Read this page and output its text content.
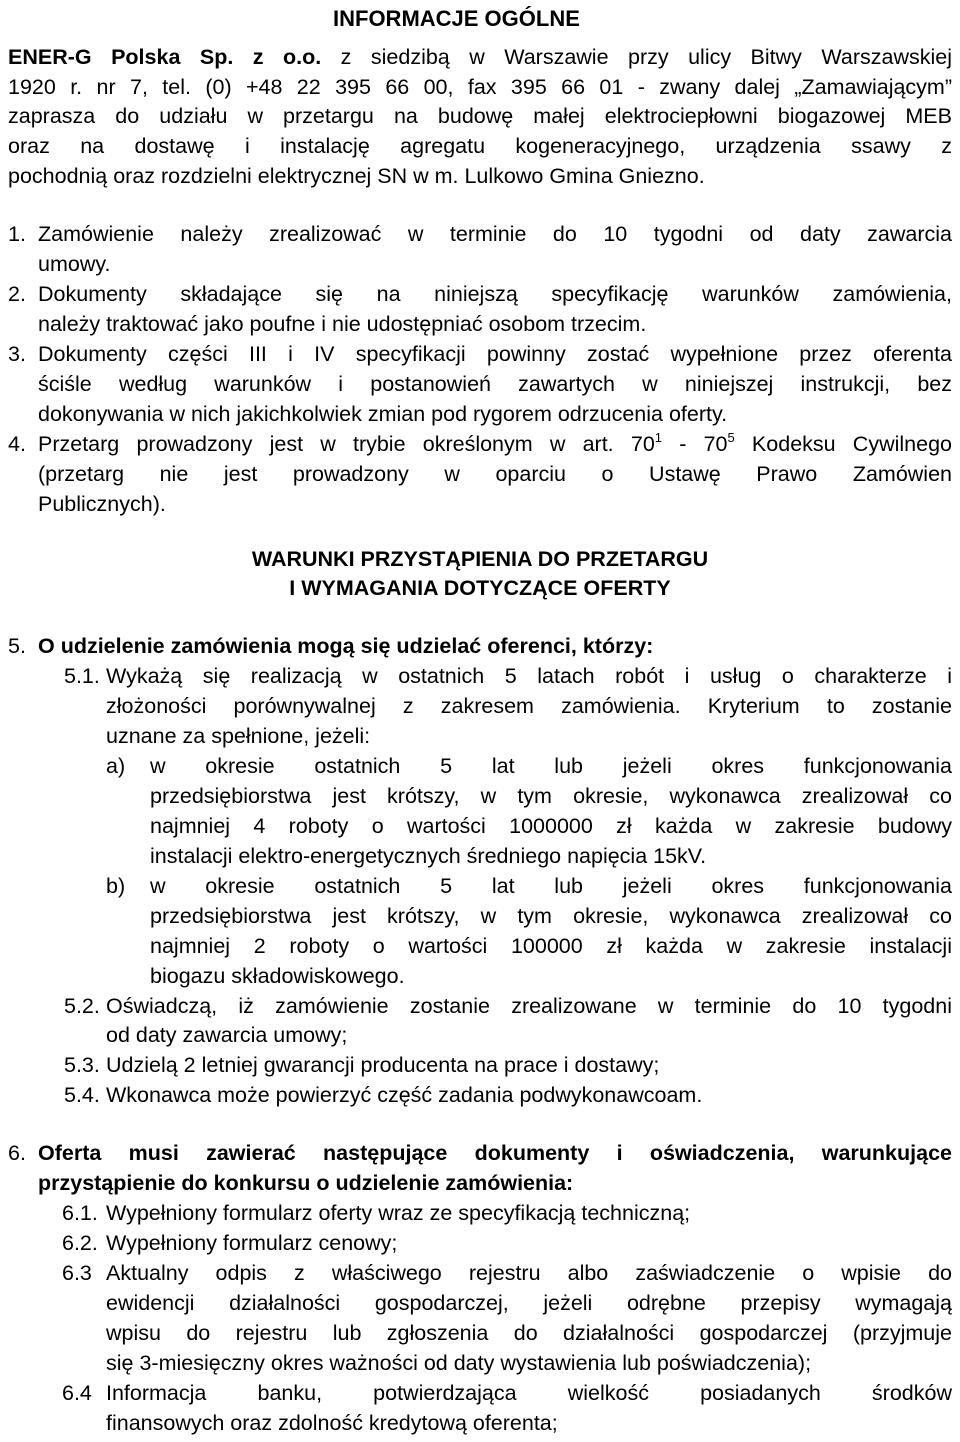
INFORMACJE OGÓLNE
ENER-G Polska Sp. z o.o. z siedzibą w Warszawie przy ulicy Bitwy Warszawskiej
1920 r. nr 7, tel. (0) +48 22 395 66 00, fax 395 66 01 - zwany dalej „Zamawiającym”
zaprasza do udziału w przetargu na budowę małej elektrociepłowni biogazowej MEB
oraz na dostawę i instalację agregatu kogeneracyjnego, urządzenia ssawy z
pochodnią oraz rozdzielni elektrycznej SN w m. Lulkowo Gmina Gniezno.
1. Zamówienie należy zrealizować w terminie do 10 tygodni od daty zawarcia
umowy.
2. Dokumenty składające się na niniejszą specyfikację warunków zamówienia,
należy traktować jako poufne i nie udostępniać osobom trzecim.
3. Dokumenty części III i IV specyfikacji powinny zostać wypełnione przez oferenta
ściśle według warunków i postanowień zawartych w niniejszej instrukcji, bez
dokonywania w nich jakichkolwiek zmian pod rygorem odrzucenia oferty.
4. Przetarg prowadzony jest w trybie określonym w art. $70^1 - 70^5$ Kodeksu Cywilnego
(przetarg nie jest prowadzony w oparciu o Ustawę Prawo Zamówien
Publicznych).
WARUNKI PRZYSTĄPIENIA DO PRZETARGU
I WYMAGANIA DOTYCZĄCE OFERTY
5. O udzielenie zamówienia mogą się udzielać oferenci, którzy:
5.1. Wykażą się realizacją w ostatnich 5 latach robót i usług o charakterze i
złożoności porównywalnej z zakresem zamówienia. Kryterium to zostanie
uznane za spełnione, jeżeli:
a) w okresie ostatnich 5 lat lub jeżeli okres funkcjonowania
przedsiębiorstwa jest krótszy, w tym okresie, wykonawca zrealizował co
najmniej 4 roboty o wartości 1000000 zł każda w zakresie budowy
instalacji elektro-energetycznych średniego napięcia 15kV.
b) w okresie ostatnich 5 lat lub jeżeli okres funkcjonowania
przedsiębiorstwa jest krótszy, w tym okresie, wykonawca zrealizował co
najmniej 2 roboty o wartości 100000 zł każda w zakresie instalacji
biogazu składowiskowego.
5.2. Oświadczą, iż zamówienie zostanie zrealizowane w terminie do 10 tygodni
od daty zawarcia umowy;
5.3. Udzielą 2 letniej gwarancji producenta na prace i dostawy;
5.4. Wkonawca może powierzyć część zadania podwykonawcoam.
6. Oferta musi zawierać następujące dokumenty i oświadczenia, warunkujące
przystąpienie do konkursu o udzielenie zamówienia:
6.1. Wypełniony formularz oferty wraz ze specyfikacją techniczną;
6.2. Wypełniony formularz cenowy;
6.3 Aktualny odpis z właściwego rejestru albo zaświadczenie o wpisie do
ewidencji działalności gospodarczej, jeżeli odrębne przepisy wymagają
wpisu do rejestru lub zgłoszenia do działalności gospodarczej (przyjmuje
się 3-miesięczny okres ważności od daty wystawienia lub poświadczenia);
6.4 Informacja banku, potwierdzająca wielkość posiadanych środków
finansowych oraz zdolność kredytową oferenta;
